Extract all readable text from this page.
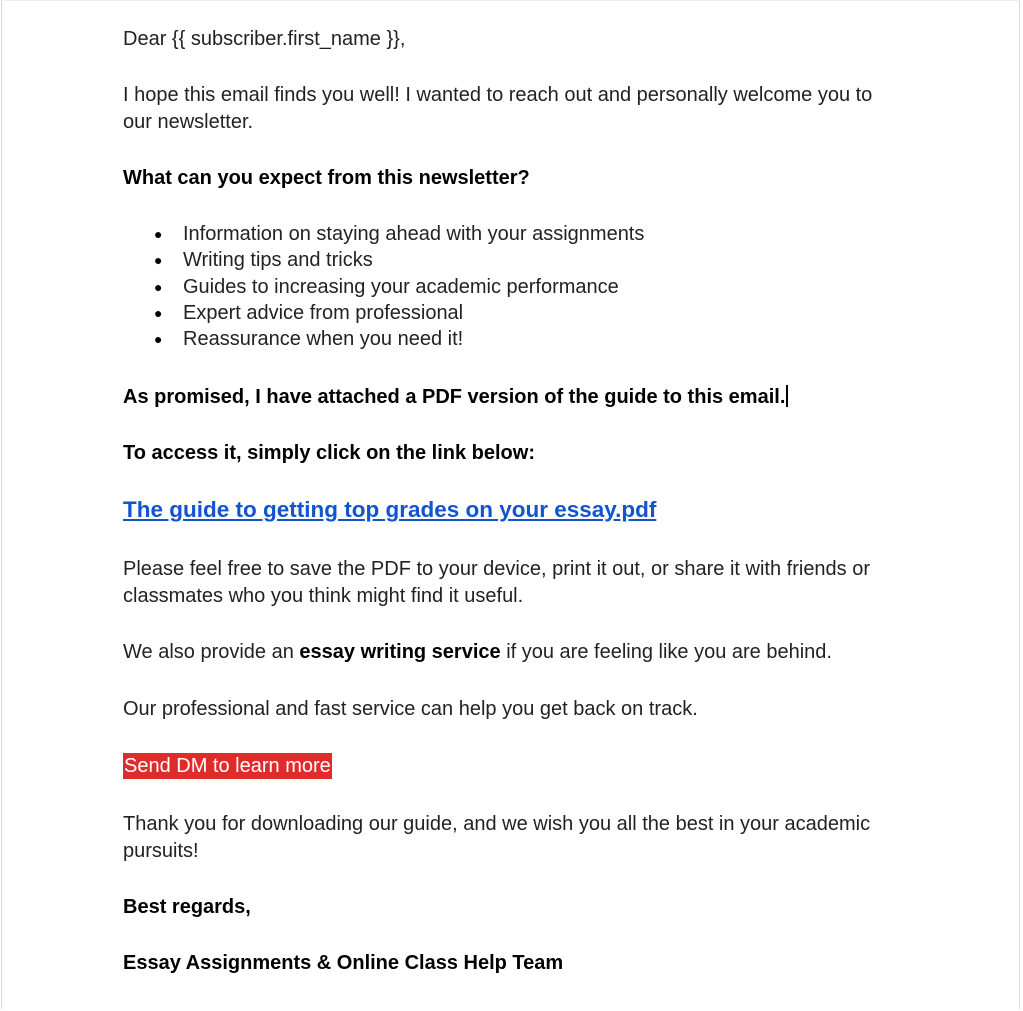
Dear {{ subscriber.first_name }},

I hope this email finds you well! I wanted to reach out and personally welcome you to our newsletter.

What can you expect from this newsletter?

● Information on staying ahead with your assignments
● Writing tips and tricks
● Guides to increasing your academic performance
● Expert advice from professional
● Reassurance when you need it!

As promised, I have attached a PDF version of the guide to this email.

To access it, simply click on the link below:

The guide to getting top grades on your essay.pdf

Please feel free to save the PDF to your device, print it out, or share it with friends or classmates who you think might find it useful.

We also provide an essay writing service if you are feeling like you are behind.

Our professional and fast service can help you get back on track.

Send DM to learn more

Thank you for downloading our guide, and we wish you all the best in your academic pursuits!

Best regards,

Essay Assignments & Online Class Help Team
